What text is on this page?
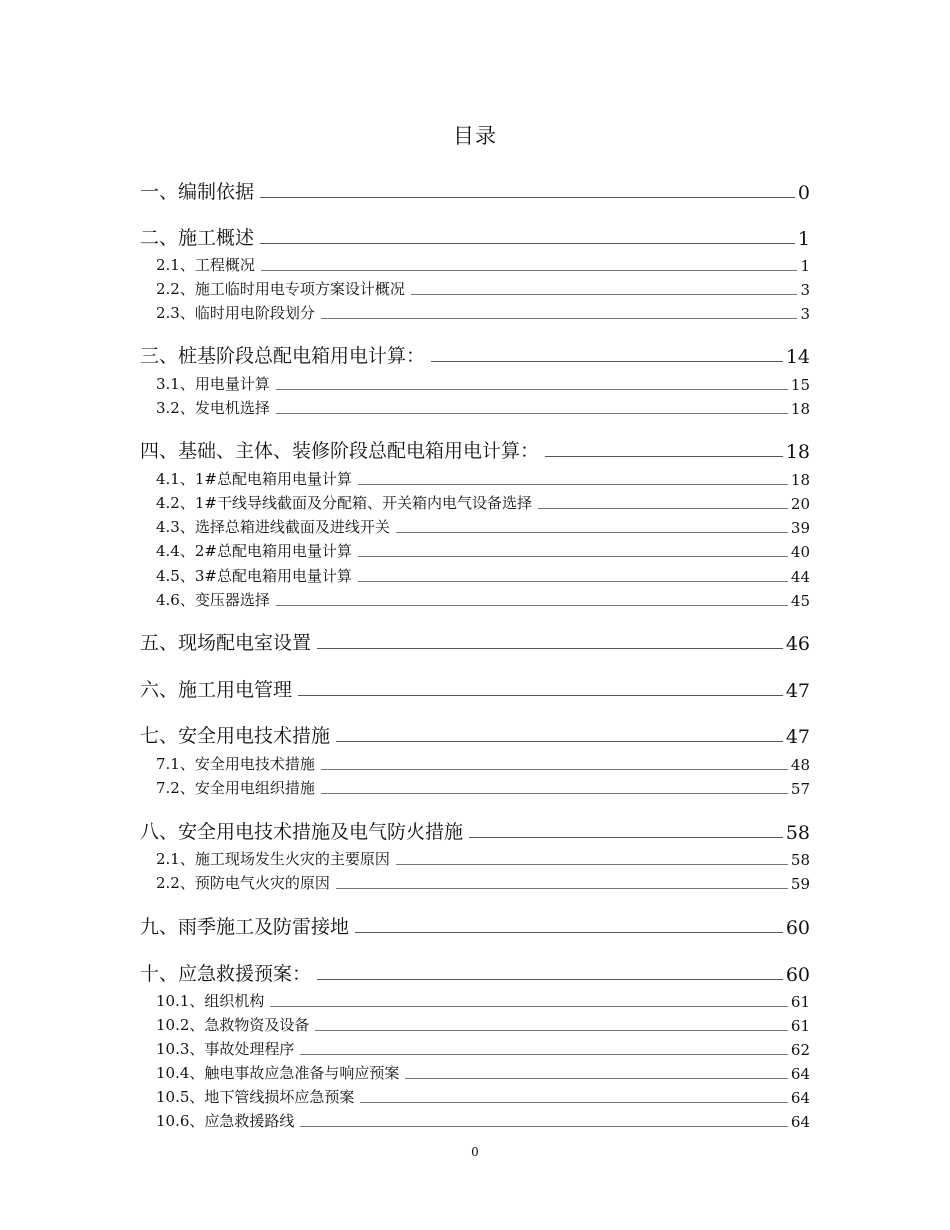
目录
一、编制依据	0
二、施工概述	1
2.1、工程概况	1
2.2、施工临时用电专项方案设计概况	3
2.3、临时用电阶段划分	3
三、桩基阶段总配电箱用电计算：	14
3.1、用电量计算	15
3.2、发电机选择	18
四、基础、主体、装修阶段总配电箱用电计算：	18
4.1、1#总配电箱用电量计算	18
4.2、1#干线导线截面及分配箱、开关箱内电气设备选择	20
4.3、选择总箱进线截面及进线开关	39
4.4、2#总配电箱用电量计算	40
4.5、3#总配电箱用电量计算	44
4.6、变压器选择	45
五、现场配电室设置	46
六、施工用电管理	47
七、安全用电技术措施	47
7.1、安全用电技术措施	48
7.2、安全用电组织措施	57
八、安全用电技术措施及电气防火措施	58
2.1、施工现场发生火灾的主要原因	58
2.2、预防电气火灾的原因	59
九、雨季施工及防雷接地	60
十、应急救援预案：	60
10.1、组织机构	61
10.2、急救物资及设备	61
10.3、事故处理程序	62
10.4、触电事故应急准备与响应预案	64
10.5、地下管线损坏应急预案	64
10.6、应急救援路线	64
0
